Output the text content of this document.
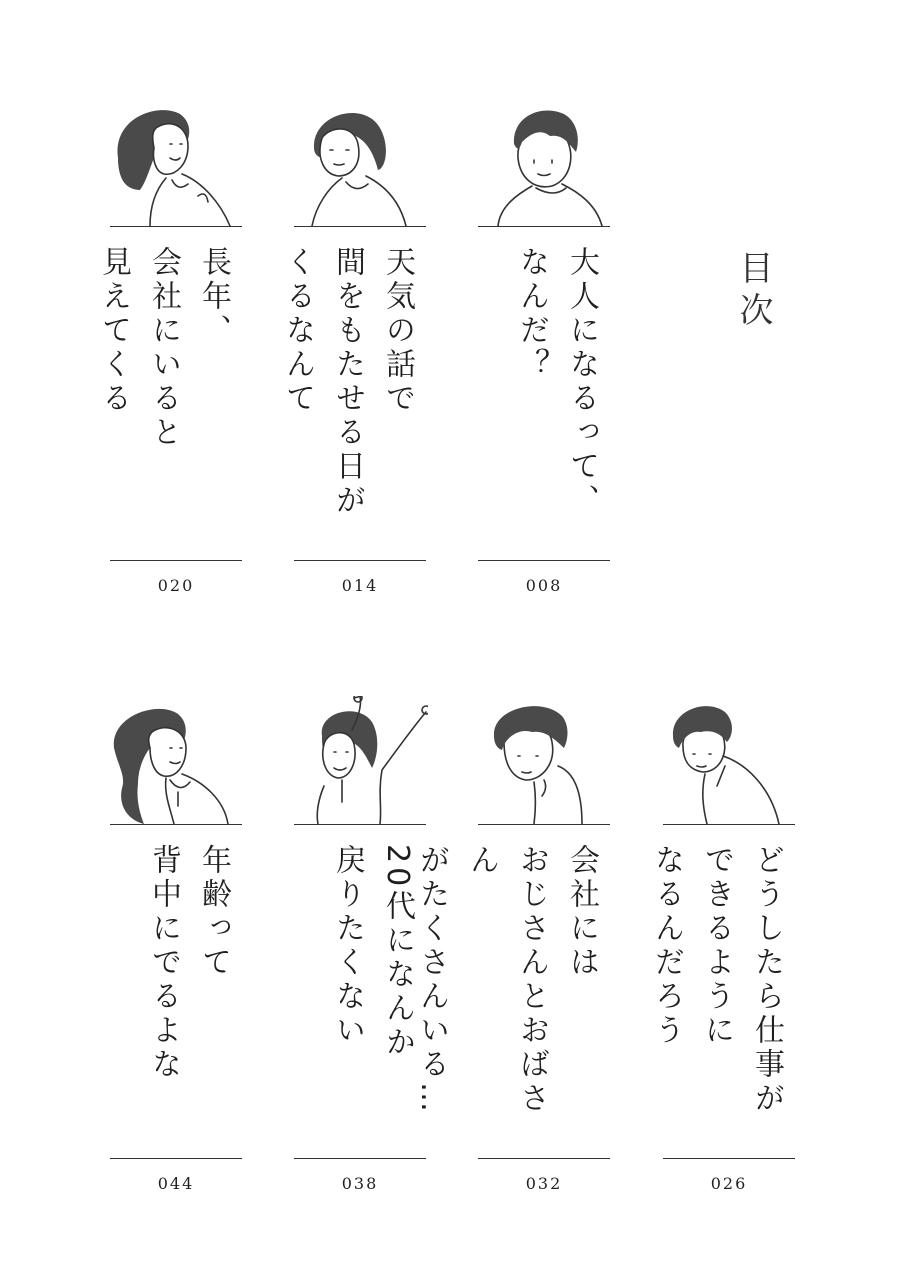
目次
大人になるって、
なんだ？
008
天気の話で
間をもたせる日が
くるなんて
014
長年、
会社にいると
見えてくる
020
どうしたら仕事が
できるように
なるんだろう
026
会社には
おじさんとおばさん
がたくさんいる…
032
20代になんか
戻りたくない
038
年齢って
背中にでるよな
044
